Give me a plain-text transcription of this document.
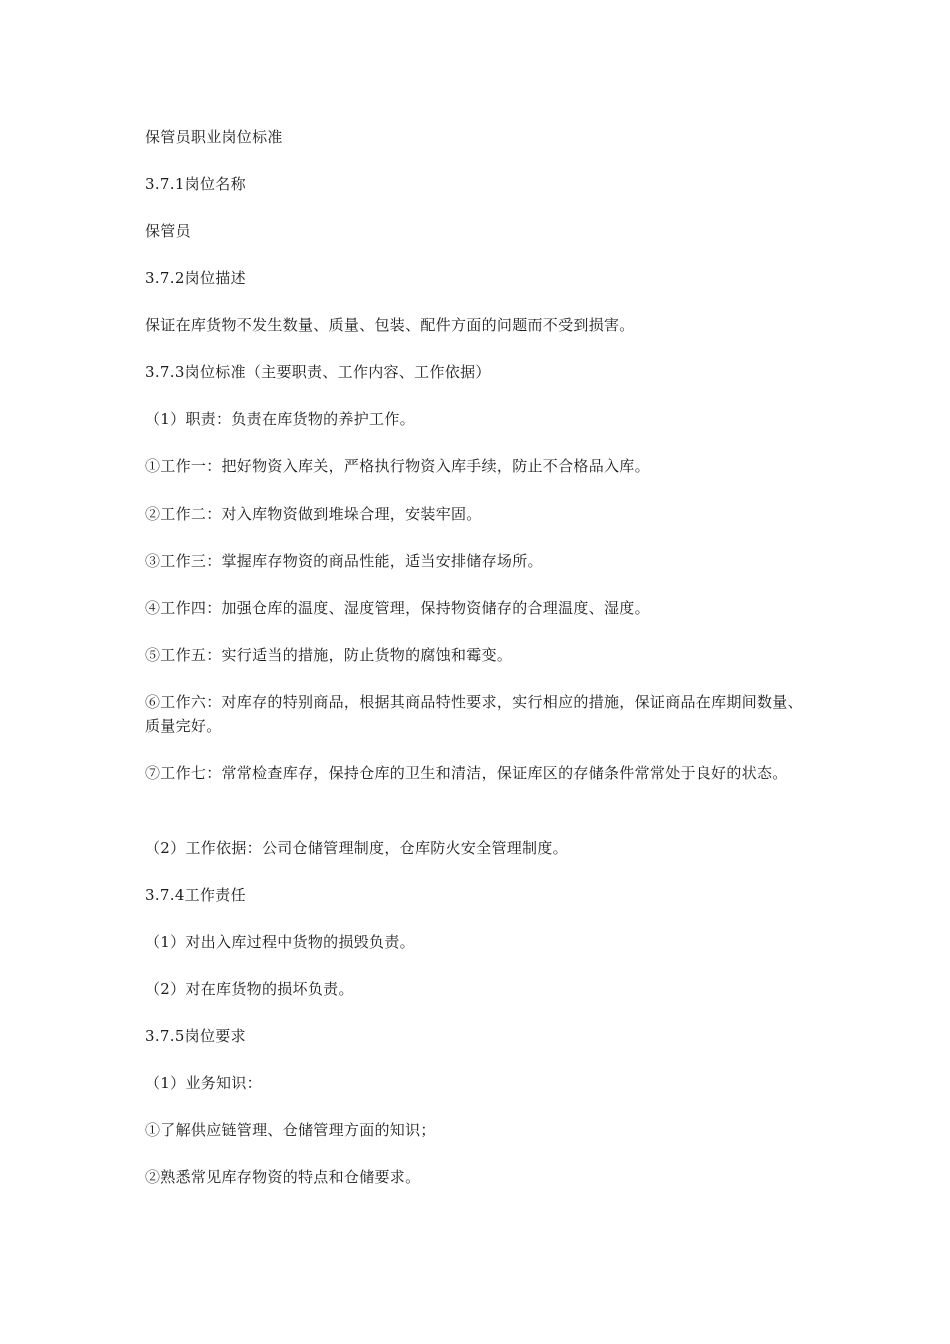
保管员职业岗位标准

3.7.1岗位名称

保管员

3.7.2岗位描述

保证在库货物不发生数量、质量、包装、配件方面的问题而不受到损害。

3.7.3岗位标准（主要职责、工作内容、工作依据）

（1）职责：负责在库货物的养护工作。

①工作一：把好物资入库关，严格执行物资入库手续，防止不合格品入库。

②工作二：对入库物资做到堆垛合理，安装牢固。

③工作三：掌握库存物资的商品性能，适当安排储存场所。

④工作四：加强仓库的温度、湿度管理，保持物资储存的合理温度、湿度。

⑤工作五：实行适当的措施，防止货物的腐蚀和霉变。

⑥工作六：对库存的特别商品，根据其商品特性要求，实行相应的措施，保证商品在库期间数量、质量完好。

⑦工作七：常常检查库存，保持仓库的卫生和清洁，保证库区的存储条件常常处于良好的状态。

（2）工作依据：公司仓储管理制度，仓库防火安全管理制度。

3.7.4工作责任

（1）对出入库过程中货物的损毁负责。

（2）对在库货物的损坏负责。

3.7.5岗位要求

（1）业务知识：

①了解供应链管理、仓储管理方面的知识；

②熟悉常见库存物资的特点和仓储要求。
